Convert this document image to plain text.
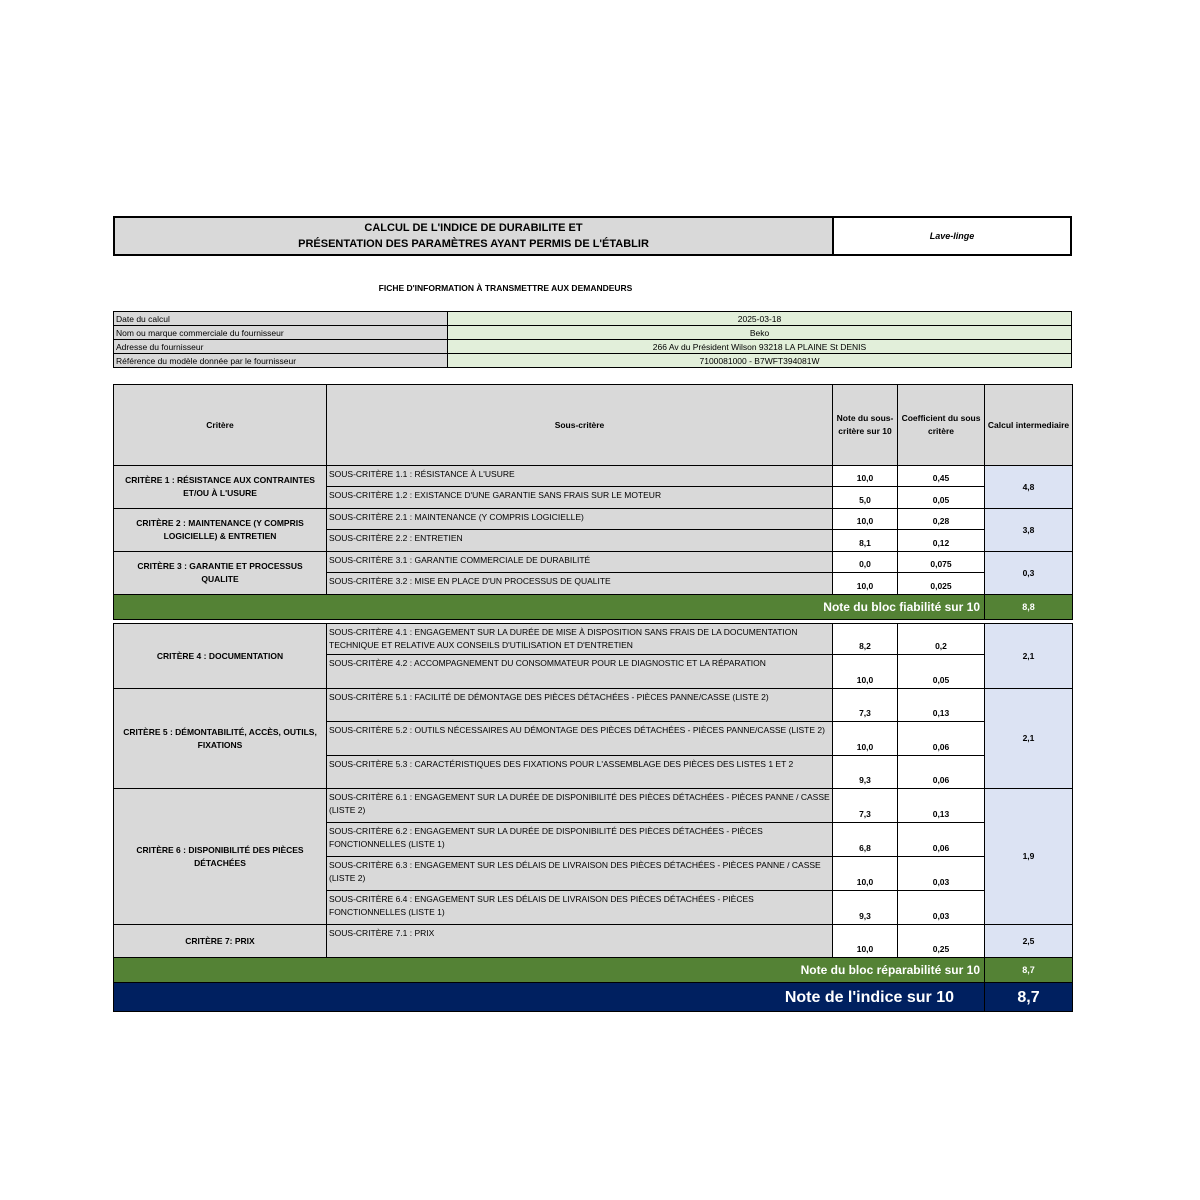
CALCUL DE L'INDICE DE DURABILITE ET
PRÉSENTATION DES PARAMÈTRES AYANT PERMIS DE L'ÉTABLIR
Lave-linge
FICHE D'INFORMATION À TRANSMETTRE AUX DEMANDEURS
Date du calcul	2025-03-18
Nom ou marque commerciale du fournisseur	Beko
Adresse du fournisseur	266 Av du Président Wilson 93218 LA PLAINE St DENIS
Référence du modèle donnée par le fournisseur	7100081000 - B7WFT394081W
Critère	Sous-critère	Note du sous-critère sur 10	Coefficient du sous critère	Calcul intermediaire
CRITÈRE 1 : RÉSISTANCE AUX CONTRAINTES ET/OU À L'USURE	SOUS-CRITÈRE 1.1 : RÉSISTANCE À L'USURE	10,0	0,45	4,8
	SOUS-CRITÈRE 1.2 : EXISTANCE D'UNE GARANTIE SANS FRAIS SUR LE MOTEUR	5,0	0,05	
CRITÈRE 2 : MAINTENANCE (Y COMPRIS LOGICIELLE) & ENTRETIEN	SOUS-CRITÈRE 2.1 : MAINTENANCE (Y COMPRIS LOGICIELLE)	10,0	0,28	3,8
	SOUS-CRITÈRE 2.2 : ENTRETIEN	8,1	0,12	
CRITÈRE 3 : GARANTIE ET PROCESSUS QUALITE	SOUS-CRITÈRE 3.1 : GARANTIE COMMERCIALE DE DURABILITÉ	0,0	0,075	0,3
	SOUS-CRITÈRE 3.2 : MISE EN PLACE D'UN PROCESSUS DE QUALITE	10,0	0,025	
Note du bloc fiabilité sur 10				8,8

CRITÈRE 4 : DOCUMENTATION	SOUS-CRITÈRE 4.1 : ENGAGEMENT SUR LA DURÉE DE MISE À DISPOSITION SANS FRAIS DE LA DOCUMENTATION TECHNIQUE ET RELATIVE AUX CONSEILS D'UTILISATION ET D'ENTRETIEN	8,2	0,2	2,1
	SOUS-CRITÈRE 4.2 : ACCOMPAGNEMENT DU CONSOMMATEUR POUR LE DIAGNOSTIC ET LA RÉPARATION	10,0	0,05	
CRITÈRE 5 : DÉMONTABILITÉ, ACCÈS, OUTILS, FIXATIONS	SOUS-CRITÈRE 5.1 : FACILITÉ DE DÉMONTAGE DES PIÈCES DÉTACHÉES - PIÈCES PANNE/CASSE (LISTE 2)	7,3	0,13	2,1
	SOUS-CRITÈRE 5.2 : OUTILS NÉCESSAIRES AU DÉMONTAGE DES PIÈCES DÉTACHÉES - PIÈCES PANNE/CASSE (LISTE 2)	10,0	0,06	
	SOUS-CRITÈRE 5.3 : CARACTÉRISTIQUES DES FIXATIONS POUR L'ASSEMBLAGE DES PIÈCES DES LISTES 1 ET 2	9,3	0,06	
CRITÈRE 6 : DISPONIBILITÉ DES PIÈCES DÉTACHÉES	SOUS-CRITÈRE 6.1 : ENGAGEMENT SUR LA DURÉE DE DISPONIBILITÉ DES PIÈCES DÉTACHÉES - PIÈCES PANNE / CASSE (LISTE 2)	7,3	0,13	1,9
	SOUS-CRITÈRE 6.2 : ENGAGEMENT SUR LA DURÉE DE DISPONIBILITÉ DES PIÈCES DÉTACHÉES - PIÈCES FONCTIONNELLES (LISTE 1)	6,8	0,06	
	SOUS-CRITÈRE 6.3 : ENGAGEMENT SUR LES DÉLAIS DE LIVRAISON DES PIÈCES DÉTACHÉES - PIÈCES PANNE / CASSE (LISTE 2)	10,0	0,03	
	SOUS-CRITÈRE 6.4 : ENGAGEMENT SUR LES DÉLAIS DE LIVRAISON DES PIÈCES DÉTACHÉES - PIÈCES FONCTIONNELLES (LISTE 1)	9,3	0,03	
CRITÈRE 7: PRIX	SOUS-CRITÈRE 7.1 : PRIX	10,0	0,25	2,5
Note du bloc réparabilité sur 10				8,7
Note de l'indice sur 10				8,7
